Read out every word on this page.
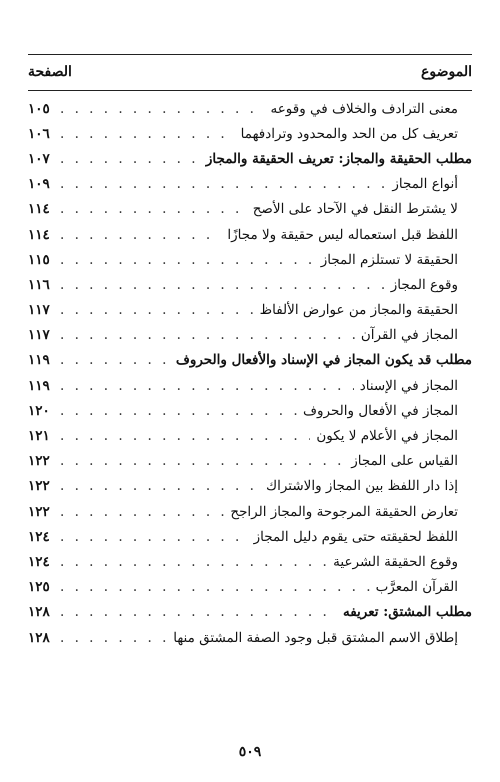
الموضوع
الصفحة
معنى الترادف والخلاف في وقوعه
. . .
١٠٥
تعريف كل من الحد والمحدود وترادفهما
. . .
١٠٦
مطلب الحقيقة والمجاز: تعريف الحقيقة والمجاز
. . .
١٠٧
أنواع المجاز
. . .
١٠٩
لا يشترط النقل في الآحاد على الأصح
. . .
١١٤
اللفظ قبل استعماله ليس حقيقة ولا مجازًا
. . .
١١٤
الحقيقة لا تستلزم المجاز
. . .
١١٥
وقوع المجاز
. . .
١١٦
الحقيقة والمجاز من عوارض الألفاظ
. . .
١١٧
المجاز في القرآن
. . .
١١٧
مطلب قد يكون المجاز في الإسناد والأفعال والحروف
. . .
١١٩
المجاز في الإسناد
. . .
١١٩
المجاز في الأفعال والحروف
. . .
١٢٠
المجاز في الأعلام لا يكون
. . .
١٢١
القياس على المجاز
. . .
١٢٢
إذا دار اللفظ بين المجاز والاشتراك
. . .
١٢٢
تعارض الحقيقة المرجوحة والمجاز الراجح
. . .
١٢٢
اللفظ لحقيقته حتى يقوم دليل المجاز
. . .
١٢٤
وقوع الحقيقة الشرعية
. . .
١٢٤
القرآن المعرَّب
. . .
١٢٥
مطلب المشتق: تعريفه
. . .
١٢٨
إطلاق الاسم المشتق قبل وجود الصفة المشتق منها
. . .
١٢٨
٥٠٩
